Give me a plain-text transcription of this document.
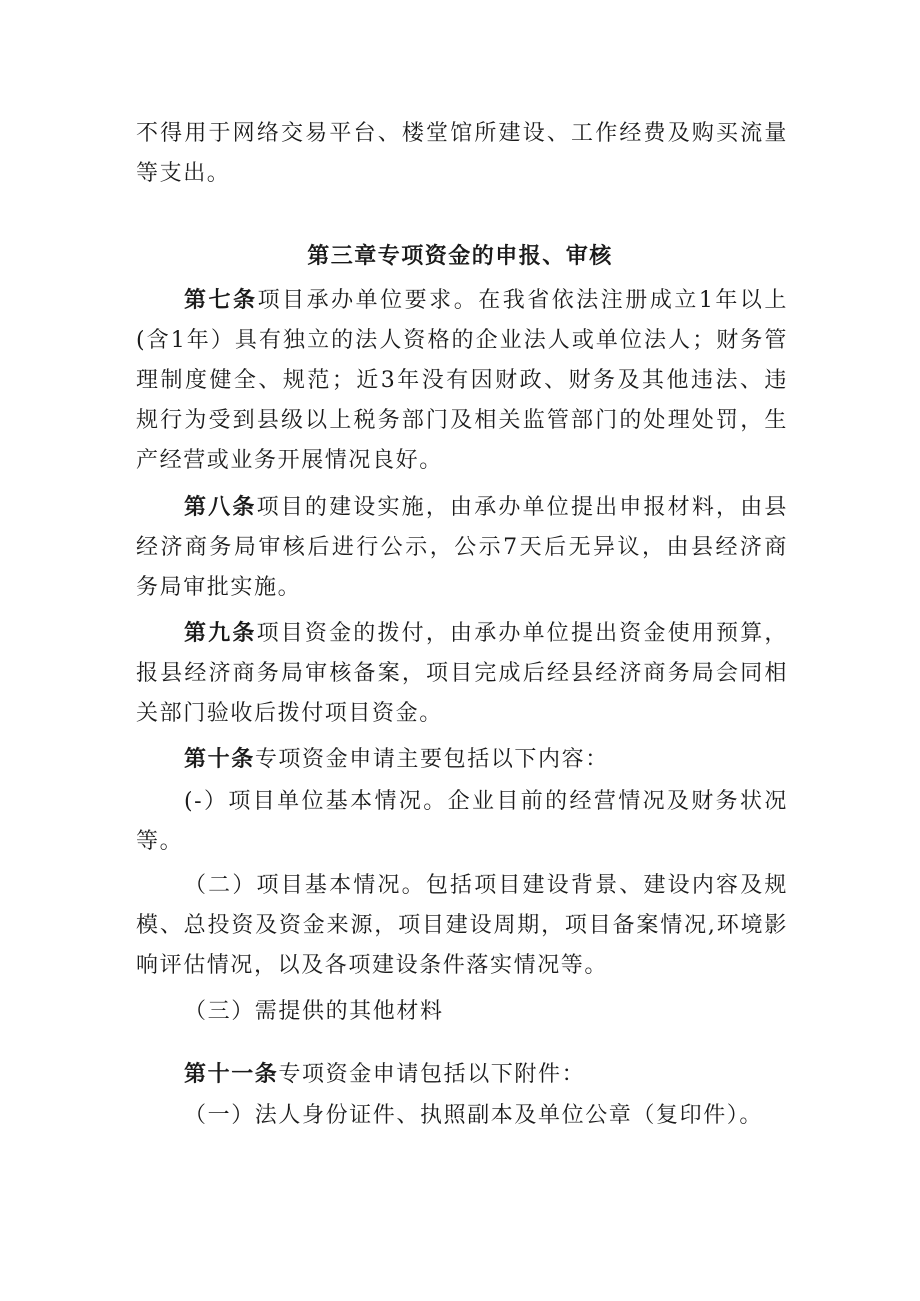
不得用于网络交易平台、楼堂馆所建设、工作经费及购买流量等支出。

第三章专项资金的申报、审核

第七条项目承办单位要求。在我省依法注册成立1年以上(含1年）具有独立的法人资格的企业法人或单位法人；财务管理制度健全、规范；近3年没有因财政、财务及其他违法、违规行为受到县级以上税务部门及相关监管部门的处理处罚，生产经营或业务开展情况良好。

第八条项目的建设实施，由承办单位提出申报材料，由县经济商务局审核后进行公示，公示7天后无异议，由县经济商务局审批实施。

第九条项目资金的拨付，由承办单位提出资金使用预算，报县经济商务局审核备案，项目完成后经县经济商务局会同相关部门验收后拨付项目资金。

第十条专项资金申请主要包括以下内容：

(-）项目单位基本情况。企业目前的经营情况及财务状况等。

（二）项目基本情况。包括项目建设背景、建设内容及规模、总投资及资金来源，项目建设周期，项目备案情况,环境影响评估情况，以及各项建设条件落实情况等。

（三）需提供的其他材料

第十一条专项资金申请包括以下附件：

（一）法人身份证件、执照副本及单位公章（复印件）。
